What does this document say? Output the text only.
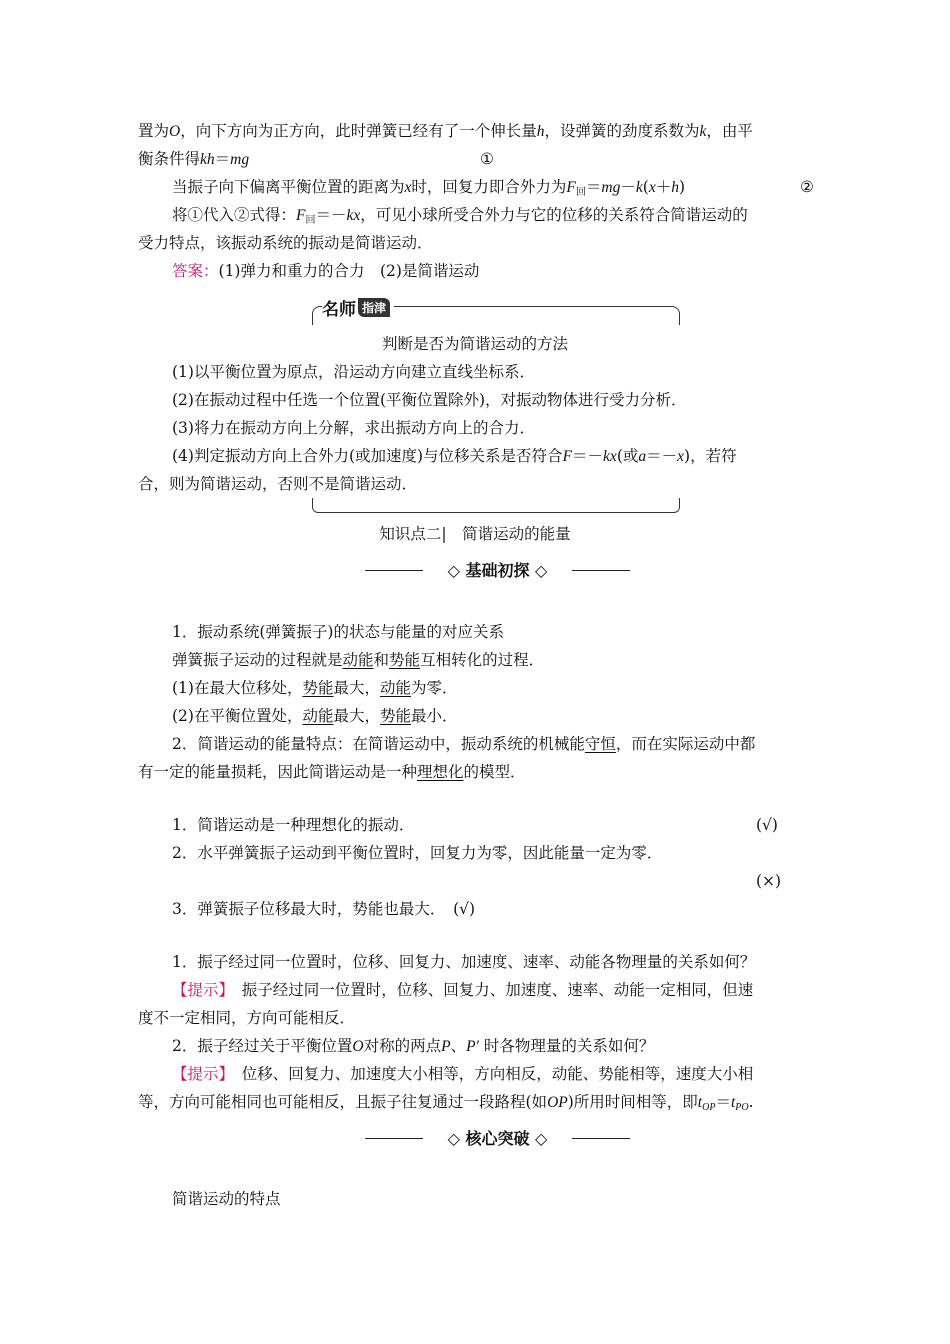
置为O，向下方向为正方向，此时弹簧已经有了一个伸长量h，设弹簧的劲度系数为k，由平
衡条件得kh＝mg	①
当振子向下偏离平衡位置的距离为x时，回复力即合外力为$F_回=mg-k(x+h)$	②
将①代入②式得：$F_回=-kx$，可见小球所受合外力与它的位移的关系符合简谐运动的
受力特点，该振动系统的振动是简谐运动．
答案：(1)弹力和重力的合力　(2)是简谐运动
名师 指津
判断是否为简谐运动的方法
(1)以平衡位置为原点，沿运动方向建立直线坐标系．
(2)在振动过程中任选一个位置(平衡位置除外)，对振动物体进行受力分析．
(3)将力在振动方向上分解，求出振动方向上的合力．
(4)判定振动方向上合外力(或加速度)与位移关系是否符合F＝－kx(或a＝－x)，若符
合，则为简谐运动，否则不是简谐运动．
知识点二|　简谐运动的能量
◇ 基础初探 ◇
1．振动系统(弹簧振子)的状态与能量的对应关系
弹簧振子运动的过程就是动能和势能互相转化的过程．
(1)在最大位移处，势能最大，动能为零．
(2)在平衡位置处，动能最大，势能最小．
2．简谐运动的能量特点：在简谐运动中，振动系统的机械能守恒，而在实际运动中都
有一定的能量损耗，因此简谐运动是一种理想化的模型．
1．简谐运动是一种理想化的振动．	(√)
2．水平弹簧振子运动到平衡位置时，回复力为零，因此能量一定为零．
(×)
3．弹簧振子位移最大时，势能也最大．　(√)
1．振子经过同一位置时，位移、回复力、加速度、速率、动能各物理量的关系如何？
【提示】　振子经过同一位置时，位移、回复力、加速度、速率、动能一定相同，但速
度不一定相同，方向可能相反．
2．振子经过关于平衡位置O对称的两点P、P′ 时各物理量的关系如何？
【提示】　位移、回复力、加速度大小相等，方向相反，动能、势能相等，速度大小相
等，方向可能相同也可能相反，且振子往复通过一段路程(如OP)所用时间相等，即$t_{OP}=t_{PO}$.
◇ 核心突破 ◇
简谐运动的特点
